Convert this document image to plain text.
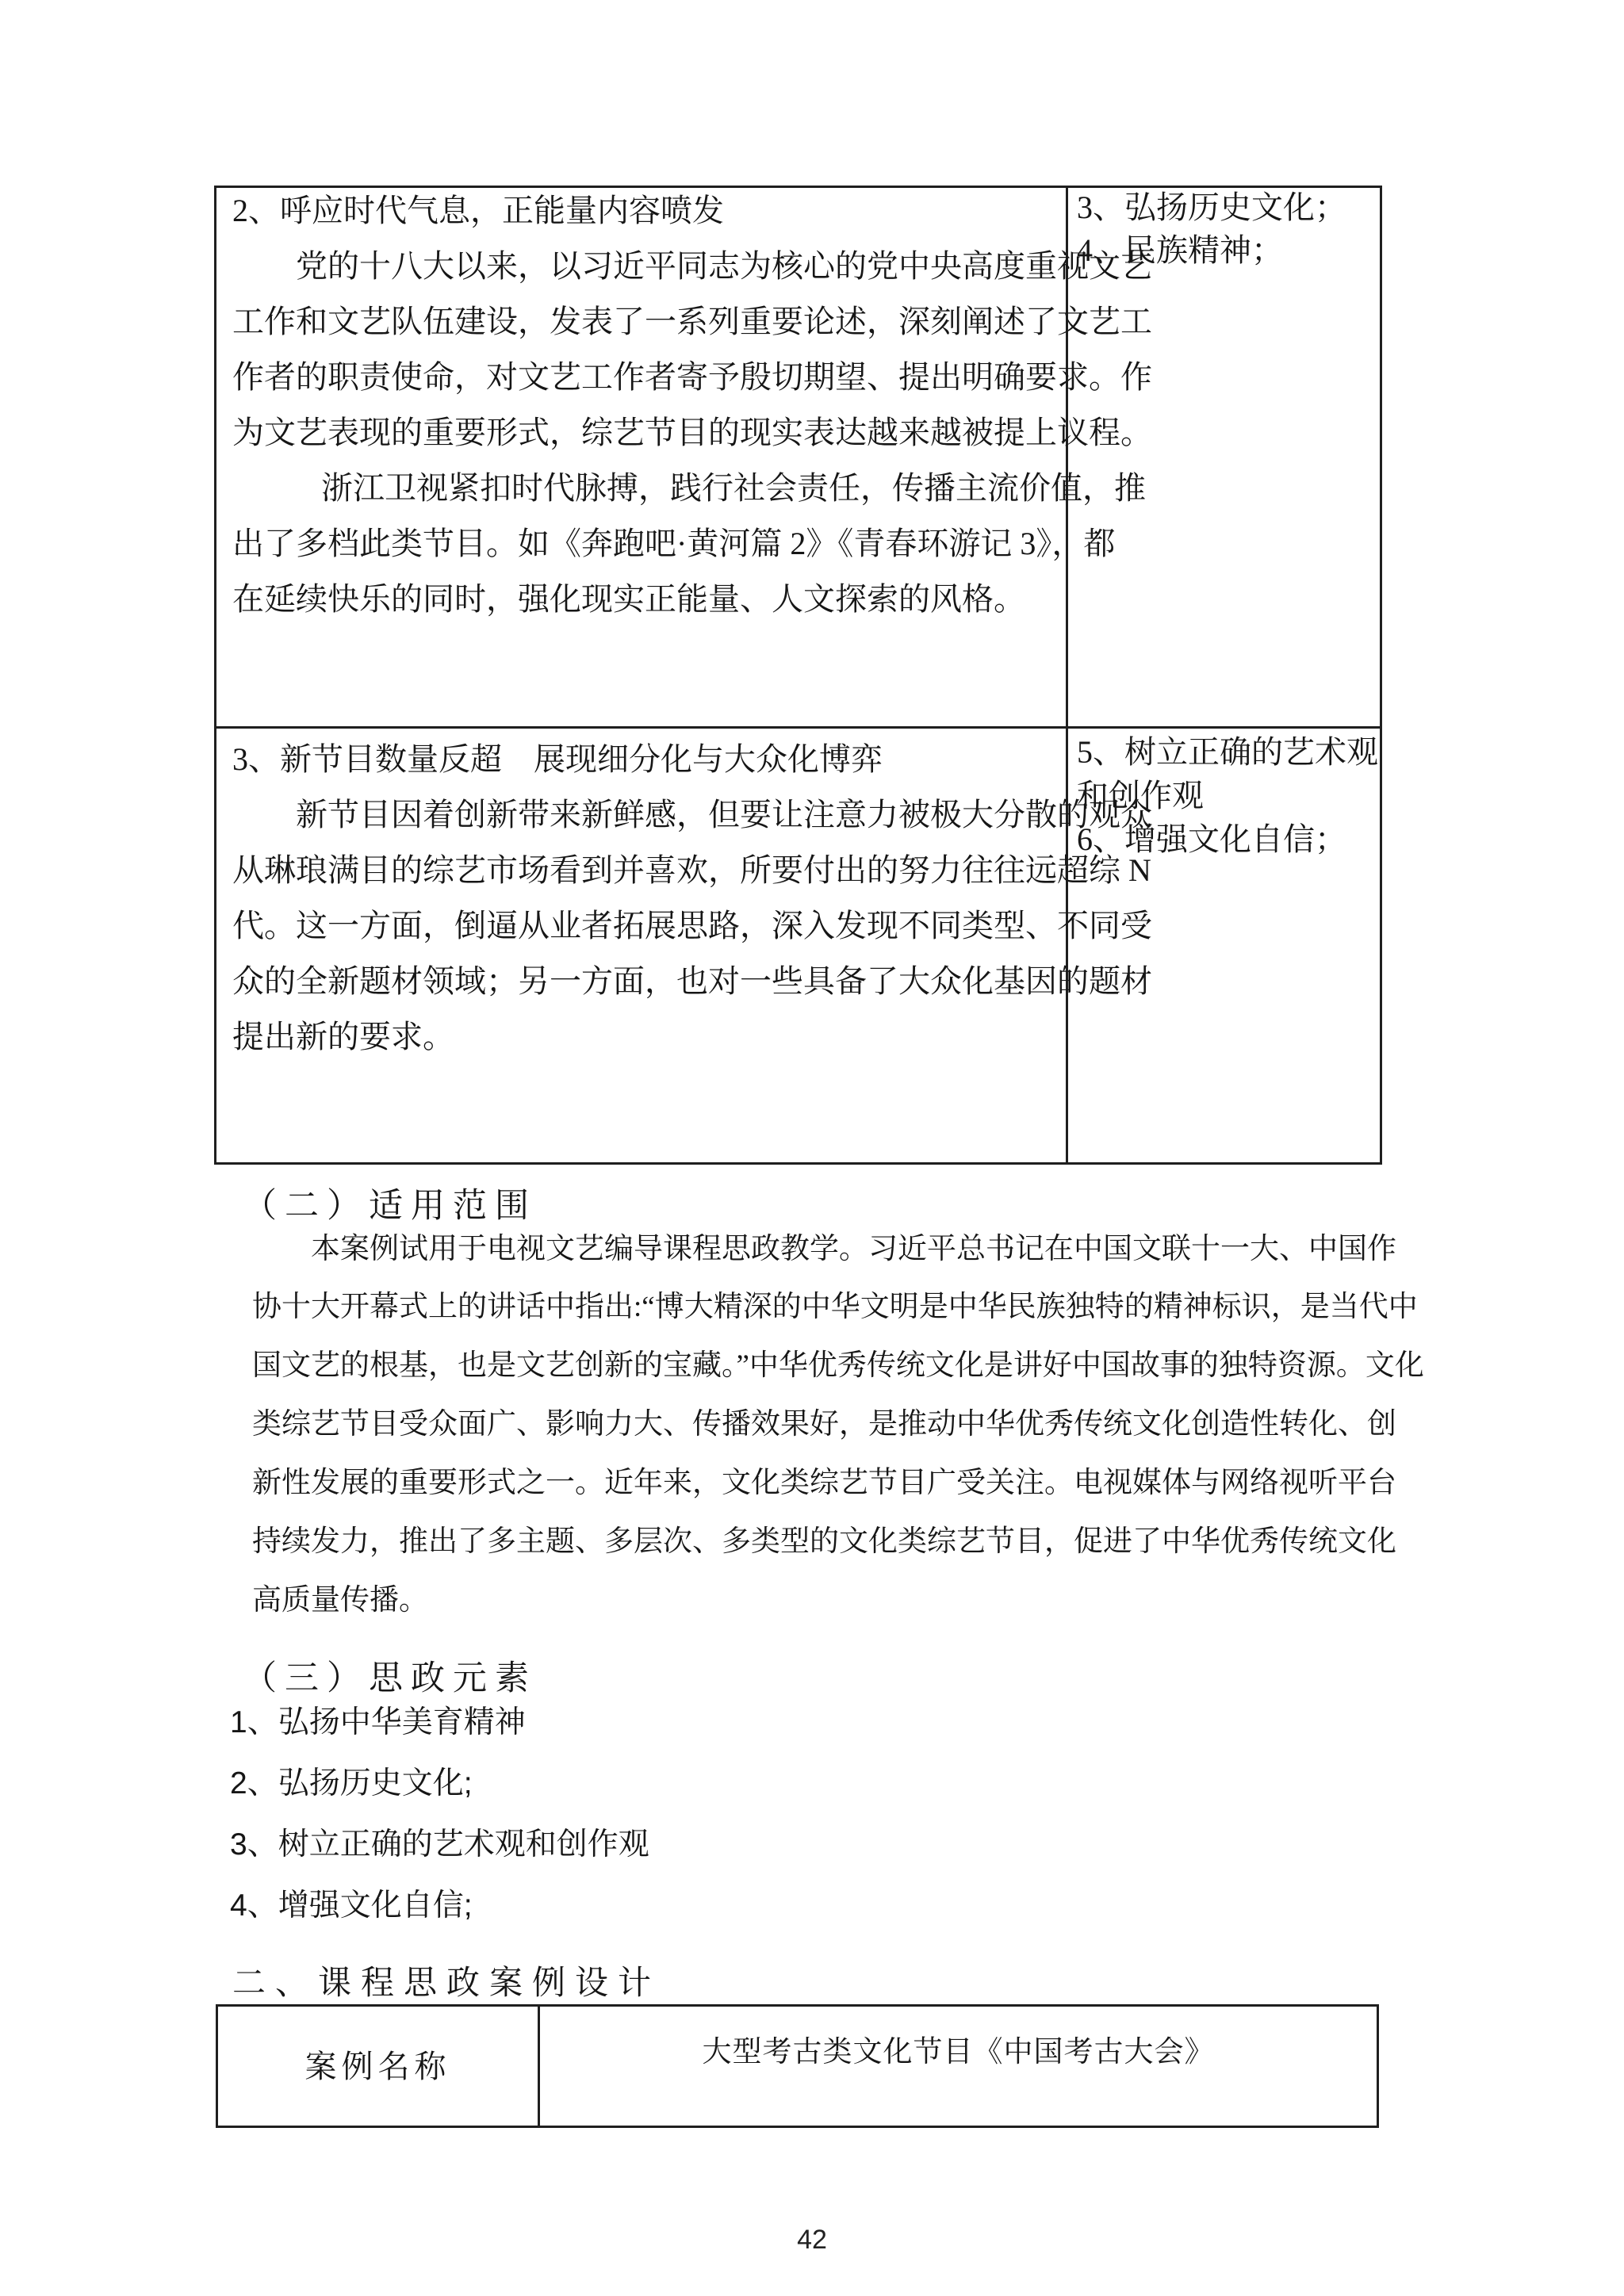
2、呼应时代气息，正能量内容喷发
党的十八大以来，以习近平同志为核心的党中央高度重视文艺
工作和文艺队伍建设，发表了一系列重要论述，深刻阐述了文艺工
作者的职责使命，对文艺工作者寄予殷切期望、提出明确要求。作
为文艺表现的重要形式，综艺节目的现实表达越来越被提上议程。
浙江卫视紧扣时代脉搏，践行社会责任，传播主流价值，推
出了多档此类节目。如《奔跑吧·黄河篇 2》《青春环游记 3》，都
在延续快乐的同时，强化现实正能量、人文探索的风格。
3、弘扬历史文化；
4、民族精神；
3、新节目数量反超　展现细分化与大众化博弈
新节目因着创新带来新鲜感，但要让注意力被极大分散的观众
从琳琅满目的综艺市场看到并喜欢，所要付出的努力往往远超综 N
代。这一方面，倒逼从业者拓展思路，深入发现不同类型、不同受
众的全新题材领域；另一方面，也对一些具备了大众化基因的题材
提出新的要求。
5、树立正确的艺术观
和创作观
6、增强文化自信；
（二）适用范围
本案例试用于电视文艺编导课程思政教学。习近平总书记在中国文联十一大、中国作
协十大开幕式上的讲话中指出:“博大精深的中华文明是中华民族独特的精神标识，是当代中
国文艺的根基，也是文艺创新的宝藏。”中华优秀传统文化是讲好中国故事的独特资源。文化
类综艺节目受众面广、影响力大、传播效果好，是推动中华优秀传统文化创造性转化、创
新性发展的重要形式之一。近年来，文化类综艺节目广受关注。电视媒体与网络视听平台
持续发力，推出了多主题、多层次、多类型的文化类综艺节目，促进了中华优秀传统文化
高质量传播。
（三）思政元素
1、弘扬中华美育精神
2、弘扬历史文化;
3、树立正确的艺术观和创作观
4、增强文化自信;
二、课程思政案例设计
案例名称	大型考古类文化节目《中国考古大会》
42
